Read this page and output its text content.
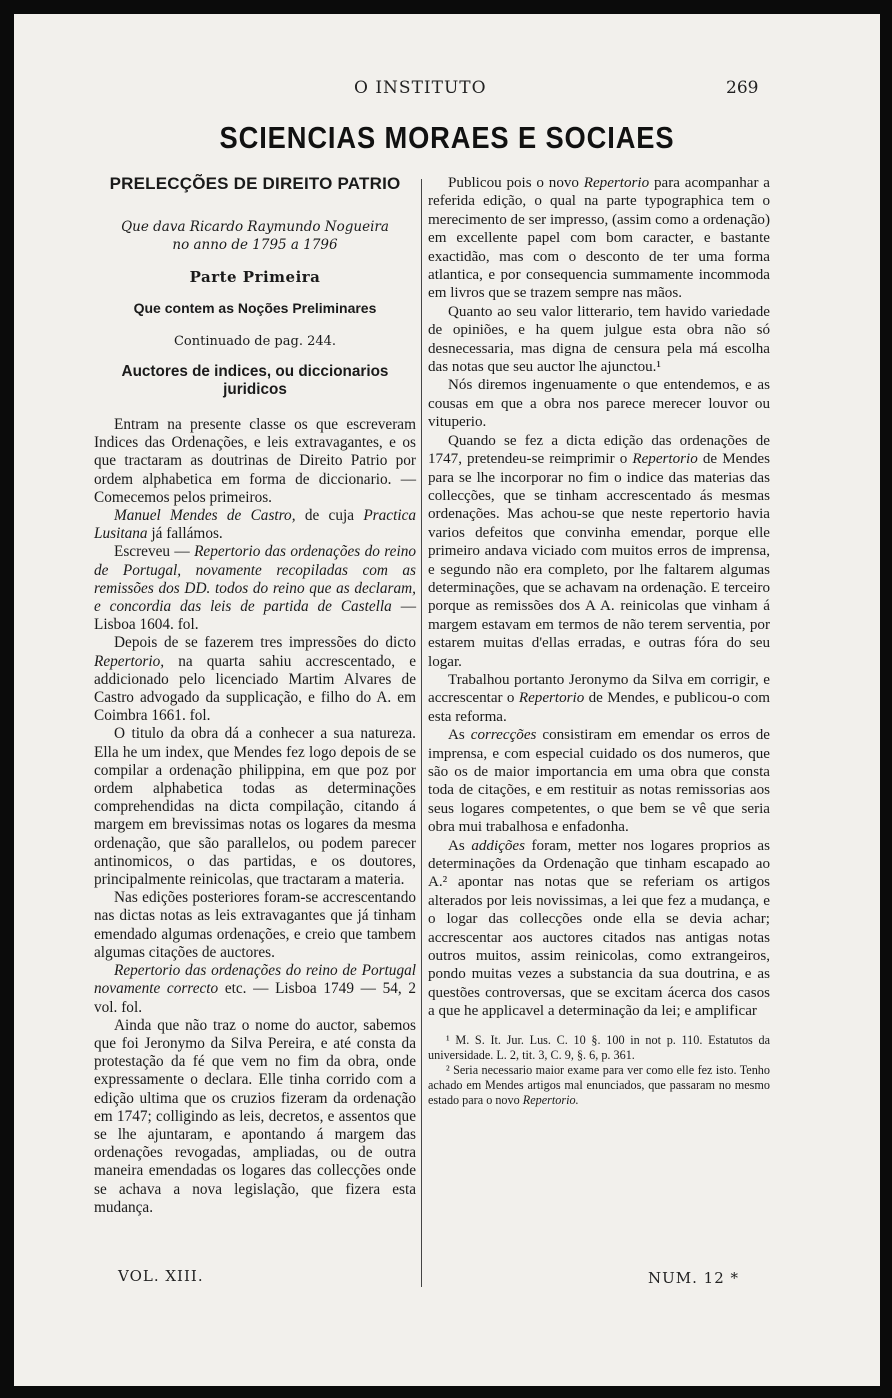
O INSTITUTO	269
SCIENCIAS MORAES E SOCIAES
PRELECÇÕES DE DIREITO PATRIO
Que dava Ricardo Raymundo Nogueira
no anno de 1795 a 1796
Parte Primeira
Que contem as Noções Preliminares
Continuado de pag. 244.
Auctores de indices, ou diccionarios juridicos

Entram na presente classe os que escreveram Indices das Ordenações, e leis extravagantes, e os que tractaram as doutrinas de Direito Patrio por ordem alphabetica em forma de diccionario. — Comecemos pelos primeiros.

Manuel Mendes de Castro, de cuja Practica Lusitana já fallámos.

Escreveu — Repertorio das ordenações do reino de Portugal, novamente recopiladas com as remissões dos DD. todos do reino que as declaram, e concordia das leis de partida de Castella — Lisboa 1604. fol.

Depois de se fazerem tres impressões do dicto Repertorio, na quarta sahiu accrescentado, e addicionado pelo licenciado Martim Alvares de Castro advogado da supplicação, e filho do A. em Coimbra 1661. fol.

O titulo da obra dá a conhecer a sua natureza. Ella he um index, que Mendes fez logo depois de se compilar a ordenação philippina, em que poz por ordem alphabetica todas as determinações comprehendidas na dicta compilação, citando á margem em brevissimas notas os logares da mesma ordenação, que são parallelos, ou podem parecer antinomicos, o das partidas, e os doutores, principalmente reinicolas, que tractaram a materia.

Nas edições posteriores foram-se accrescentando nas dictas notas as leis extravagantes que já tinham emendado algumas ordenações, e creio que tambem algumas citações de auctores.

Repertorio das ordenações do reino de Portugal novamente correcto etc. — Lisboa 1749 — 54, 2 vol. fol.

Ainda que não traz o nome do auctor, sabemos que foi Jeronymo da Silva Pereira, e até consta da protestação da fé que vem no fim da obra, onde expressamente o declara. Elle tinha corrido com a edição ultima que os cruzios fizeram da ordenação em 1747; colligindo as leis, decretos, e assentos que se lhe ajuntaram, e apontando á margem das ordenações revogadas, ampliadas, ou de outra maneira emendadas os logares das collecções onde se achava a nova legislação, que fizera esta mudança.

Publicou pois o novo Repertorio para acompanhar a referida edição, o qual na parte typographica tem o merecimento de ser impresso, (assim como a ordenação) em excellente papel com bom caracter, e bastante exactidão, mas com o desconto de ter uma forma atlantica, e por consequencia summamente incommoda em livros que se trazem sempre nas mãos.

Quanto ao seu valor litterario, tem havido variedade de opiniões, e ha quem julgue esta obra não só desnecessaria, mas digna de censura pela má escolha das notas que seu auctor lhe ajunctou.¹

Nós diremos ingenuamente o que entendemos, e as cousas em que a obra nos parece merecer louvor ou vituperio.

Quando se fez a dicta edição das ordenações de 1747, pretendeu-se reimprimir o Repertorio de Mendes para se lhe incorporar no fim o indice das materias das collecções, que se tinham accrescentado ás mesmas ordenações. Mas achou-se que neste repertorio havia varios defeitos que convinha emendar, porque elle primeiro andava viciado com muitos erros de imprensa, e segundo não era completo, por lhe faltarem algumas determinações, que se achavam na ordenação. E terceiro porque as remissões dos A A. reinicolas que vinham á margem estavam em termos de não terem serventia, por estarem muitas d'ellas erradas, e outras fóra do seu logar.

Trabalhou portanto Jeronymo da Silva em corrigir, e accrescentar o Repertorio de Mendes, e publicou-o com esta reforma.

As correcções consistiram em emendar os erros de imprensa, e com especial cuidado os dos numeros, que são os de maior importancia em uma obra que consta toda de citações, e em restituir as notas remissorias aos seus logares competentes, o que bem se vê que seria obra mui trabalhosa e enfadonha.

As addições foram, metter nos logares proprios as determinações da Ordenação que tinham escapado ao A.² apontar nas notas que se referiam os artigos alterados por leis novissimas, a lei que fez a mudança, e o logar das collecções onde ella se devia achar; accrescentar aos auctores citados nas antigas notas outros muitos, assim reinicolas, como extrangeiros, pondo muitas vezes a substancia da sua doutrina, e as questões controversas, que se excitam ácerca dos casos a que he applicavel a determinação da lei; e amplificar

¹ M. S. It. Jur. Lus. C. 10 §. 100 in not p. 110. Estatutos da universidade. L. 2, tit. 3, C. 9, §. 6, p. 361.

² Seria necessario maior exame para ver como elle fez isto. Tenho achado em Mendes artigos mal enunciados, que passaram no mesmo estado para o novo Repertorio.

VOL. XIII.	NUM. 12 *
